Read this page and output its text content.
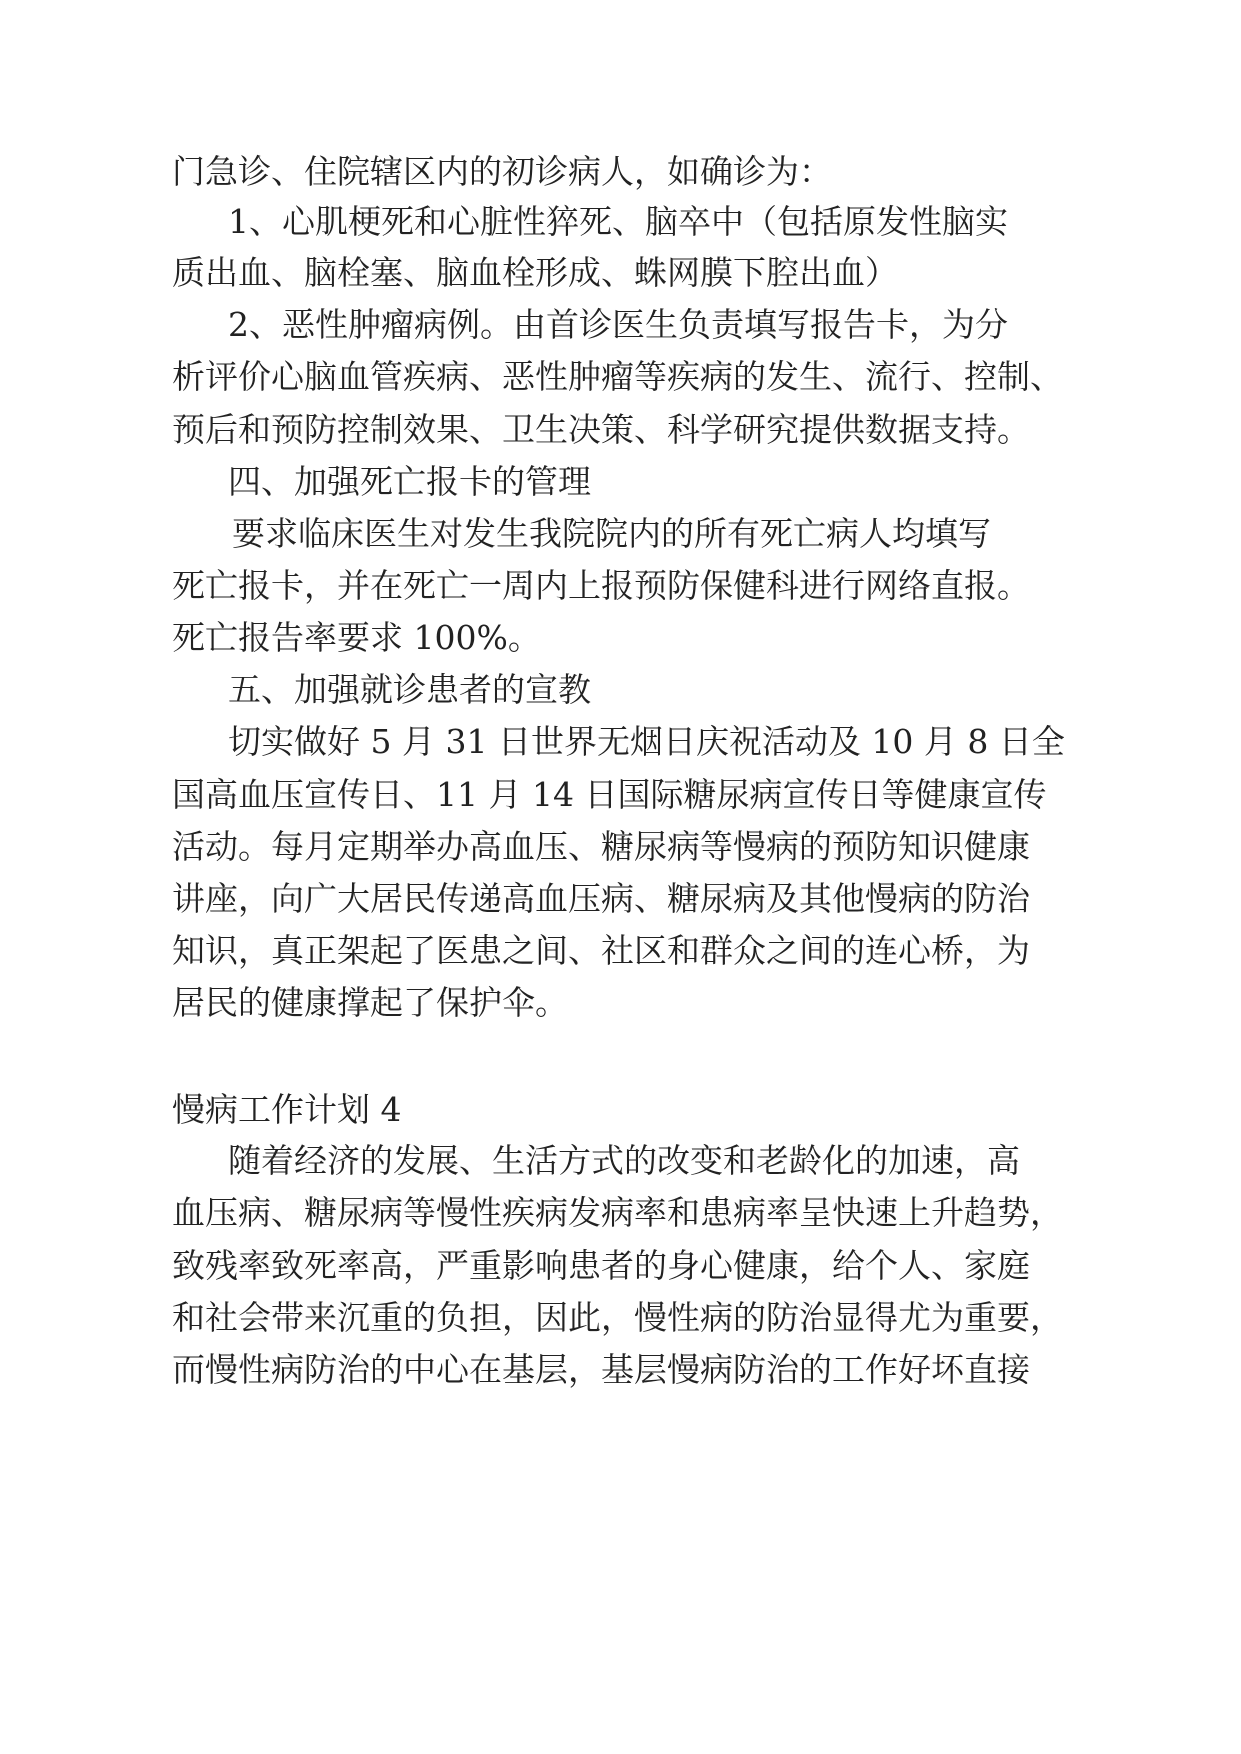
门急诊、住院辖区内的初诊病人，如确诊为：
1、心肌梗死和心脏性猝死、脑卒中（包括原发性脑实
质出血、脑栓塞、脑血栓形成、蛛网膜下腔出血）
2、恶性肿瘤病例。由首诊医生负责填写报告卡，为分
析评价心脑血管疾病、恶性肿瘤等疾病的发生、流行、控制、
预后和预防控制效果、卫生决策、科学研究提供数据支持。
四、加强死亡报卡的管理
要求临床医生对发生我院院内的所有死亡病人均填写
死亡报卡，并在死亡一周内上报预防保健科进行网络直报。
死亡报告率要求 100%。
五、加强就诊患者的宣教
切实做好 5 月 31 日世界无烟日庆祝活动及 10 月 8 日全
国高血压宣传日、11 月 14 日国际糖尿病宣传日等健康宣传
活动。每月定期举办高血压、糖尿病等慢病的预防知识健康
讲座，向广大居民传递高血压病、糖尿病及其他慢病的防治
知识，真正架起了医患之间、社区和群众之间的连心桥，为
居民的健康撑起了保护伞。
慢病工作计划 4
随着经济的发展、生活方式的改变和老龄化的加速，高
血压病、糖尿病等慢性疾病发病率和患病率呈快速上升趋势，
致残率致死率高，严重影响患者的身心健康，给个人、家庭
和社会带来沉重的负担，因此，慢性病的防治显得尤为重要，
而慢性病防治的中心在基层，基层慢病防治的工作好坏直接
